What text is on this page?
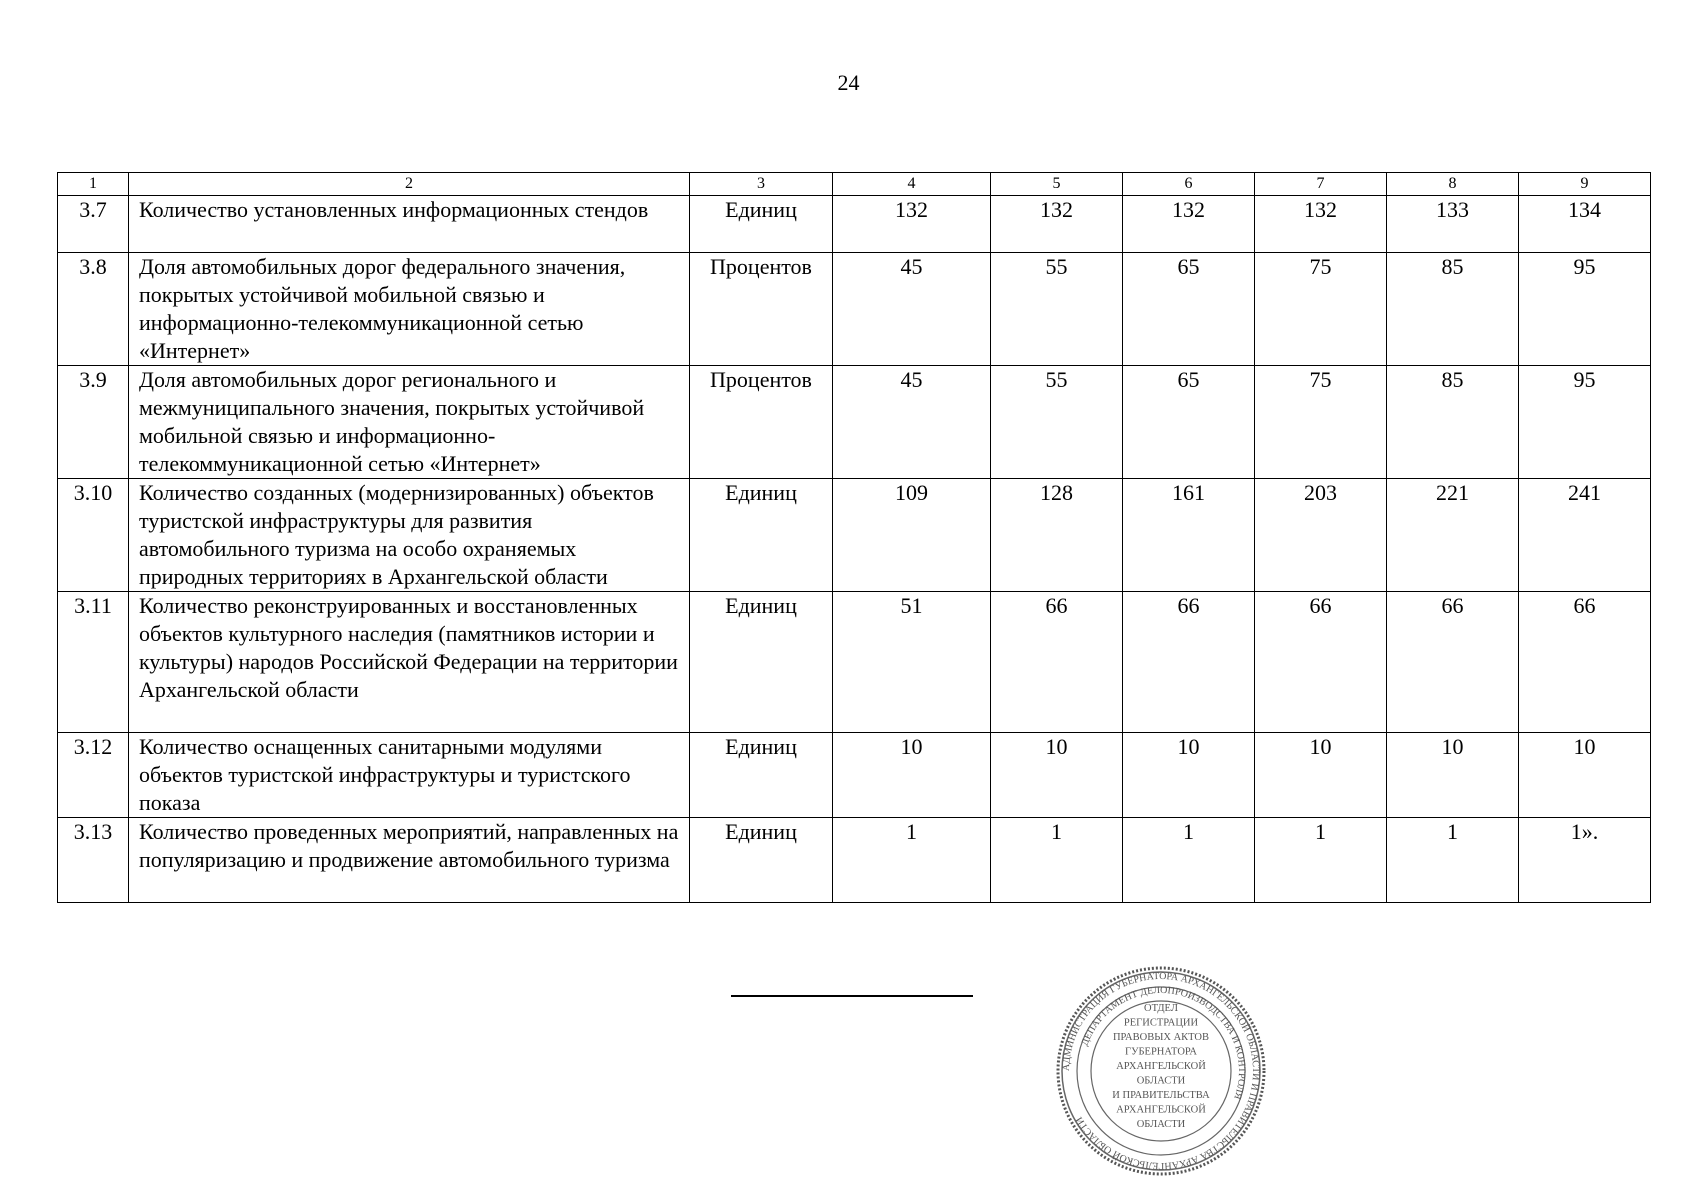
24
1	2	3	4	5	6	7	8	9
3.7	Количество установленных информационных стендов	Единиц	132	132	132	132	133	134
3.8	Доля автомобильных дорог федерального значения, покрытых устойчивой мобильной связью и информационно-телекоммуникационной сетью «Интернет»	Процентов	45	55	65	75	85	95
3.9	Доля автомобильных дорог регионального и межмуниципального значения, покрытых устойчивой мобильной связью и информационно-телекоммуникационной сетью «Интернет»	Процентов	45	55	65	75	85	95
3.10	Количество созданных (модернизированных) объектов туристской инфраструктуры для развития автомобильного туризма на особо охраняемых природных территориях в Архангельской области	Единиц	109	128	161	203	221	241
3.11	Количество реконструированных и восстановленных объектов культурного наследия (памятников истории и культуры) народов Российской Федерации на территории Архангельской области	Единиц	51	66	66	66	66	66
3.12	Количество оснащенных санитарными модулями объектов туристской инфраструктуры и туристского показа	Единиц	10	10	10	10	10	10
3.13	Количество проведенных мероприятий, направленных на популяризацию и продвижение автомобильного туризма	Единиц	1	1	1	1	1	1».
АДМИНИСТРАЦИЯ ГУБЕРНАТОРА АРХАНГЕЛЬСКОЙ ОБЛАСТИ И ПРАВИТЕЛЬСТВА АРХАНГЕЛЬСКОЙ ОБЛАСТИ
ДЕПАРТАМЕНТ ДЕЛОПРОИЗВОДСТВА И КОНТРОЛЯ
ОТДЕЛ
РЕГИСТРАЦИИ
ПРАВОВЫХ АКТОВ
ГУБЕРНАТОРА
АРХАНГЕЛЬСКОЙ
ОБЛАСТИ
И ПРАВИТЕЛЬСТВА
АРХАНГЕЛЬСКОЙ
ОБЛАСТИ
